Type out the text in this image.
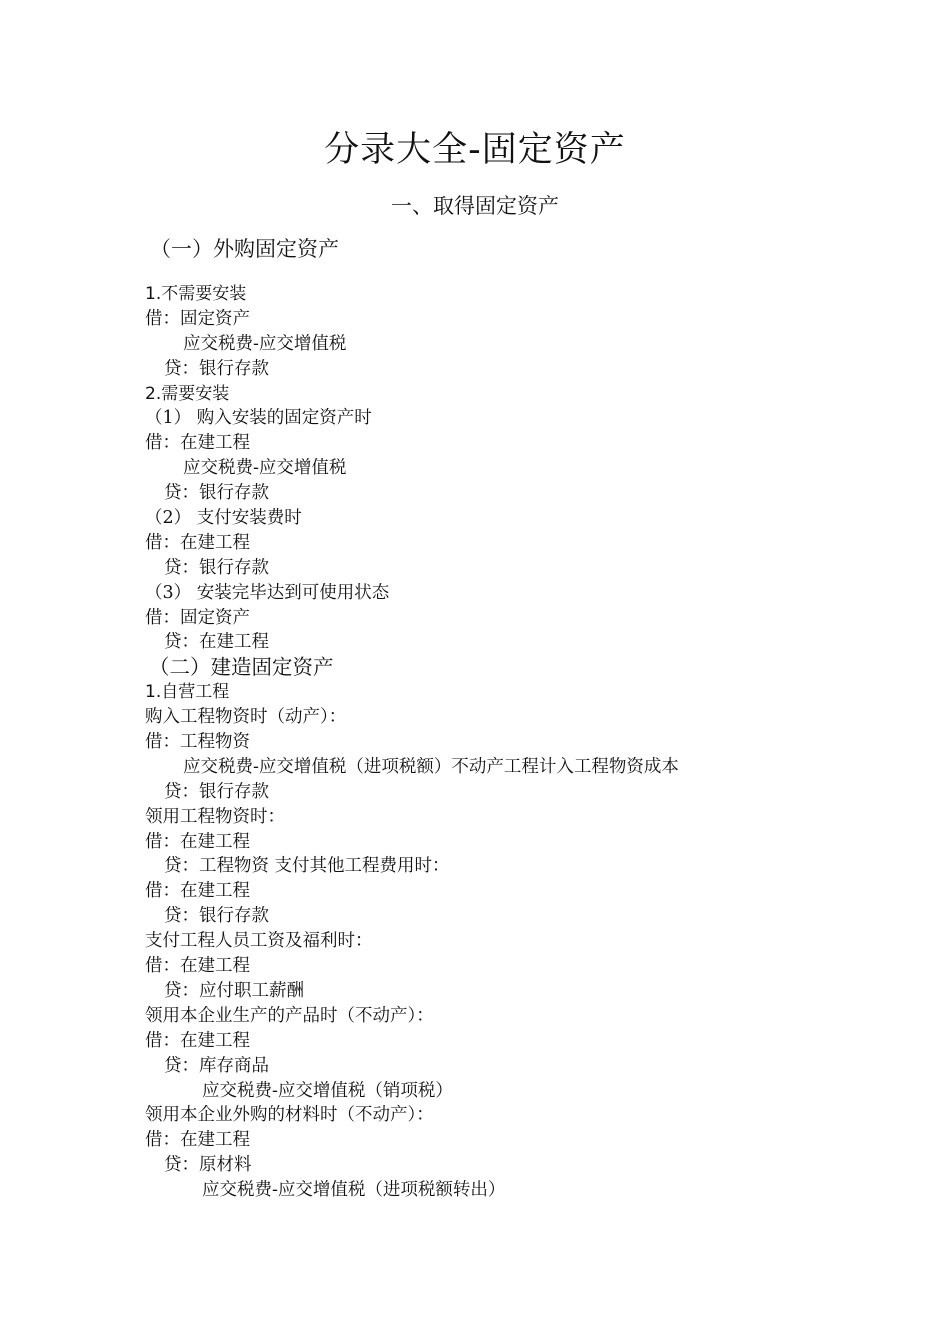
分录大全-固定资产
一、取得固定资产
（一）外购固定资产
1.不需要安装
借：固定资产
应交税费-应交增值税
贷：银行存款
2.需要安装
（1） 购入安装的固定资产时
借：在建工程
应交税费-应交增值税
贷：银行存款
（2） 支付安装费时
借：在建工程
贷：银行存款
（3） 安装完毕达到可使用状态
借：固定资产
贷：在建工程
（二）建造固定资产
1.自营工程
购入工程物资时（动产）：
借：工程物资
应交税费-应交增值税（进项税额）不动产工程计入工程物资成本
贷：银行存款
领用工程物资时：
借：在建工程
贷：工程物资 支付其他工程费用时：
借：在建工程
贷：银行存款
支付工程人员工资及福利时：
借：在建工程
贷：应付职工薪酬
领用本企业生产的产品时（不动产）：
借：在建工程
贷：库存商品
应交税费-应交增值税（销项税）
领用本企业外购的材料时（不动产）：
借：在建工程
贷：原材料
应交税费-应交增值税（进项税额转出）
